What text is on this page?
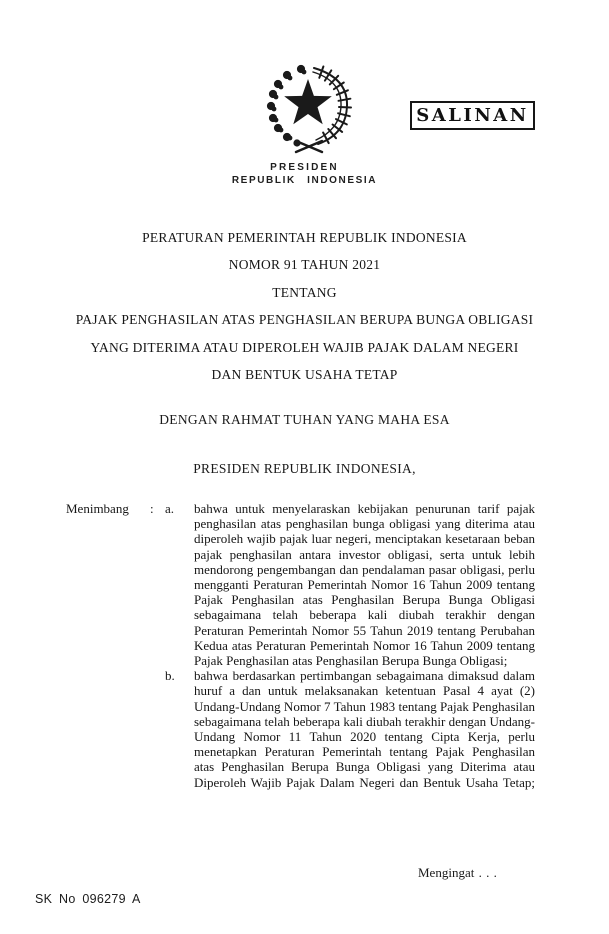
SALINAN
PRESIDEN
REPUBLIK INDONESIA
PERATURAN PEMERINTAH REPUBLIK INDONESIA
NOMOR 91 TAHUN 2021
TENTANG
PAJAK PENGHASILAN ATAS PENGHASILAN BERUPA BUNGA OBLIGASI
YANG DITERIMA ATAU DIPEROLEH WAJIB PAJAK DALAM NEGERI
DAN BENTUK USAHA TETAP
DENGAN RAHMAT TUHAN YANG MAHA ESA
PRESIDEN REPUBLIK INDONESIA,
Menimbang	: a.	bahwa untuk menyelaraskan kebijakan penurunan tarif pajak penghasilan atas penghasilan bunga obligasi yang diterima atau diperoleh wajib pajak luar negeri, menciptakan kesetaraan beban pajak penghasilan antara investor obligasi, serta untuk lebih mendorong pengembangan dan pendalaman pasar obligasi, perlu mengganti Peraturan Pemerintah Nomor 16 Tahun 2009 tentang Pajak Penghasilan atas Penghasilan Berupa Bunga Obligasi sebagaimana telah beberapa kali diubah terakhir dengan Peraturan Pemerintah Nomor 55 Tahun 2019 tentang Perubahan Kedua atas Peraturan Pemerintah Nomor 16 Tahun 2009 tentang Pajak Penghasilan atas Penghasilan Berupa Bunga Obligasi;
b.	bahwa berdasarkan pertimbangan sebagaimana dimaksud dalam huruf a dan untuk melaksanakan ketentuan Pasal 4 ayat (2) Undang-Undang Nomor 7 Tahun 1983 tentang Pajak Penghasilan sebagaimana telah beberapa kali diubah terakhir dengan Undang-Undang Nomor 11 Tahun 2020 tentang Cipta Kerja, perlu menetapkan Peraturan Pemerintah tentang Pajak Penghasilan atas Penghasilan Berupa Bunga Obligasi yang Diterima atau Diperoleh Wajib Pajak Dalam Negeri dan Bentuk Usaha Tetap;
Mengingat . . .
SK No 096279 A
